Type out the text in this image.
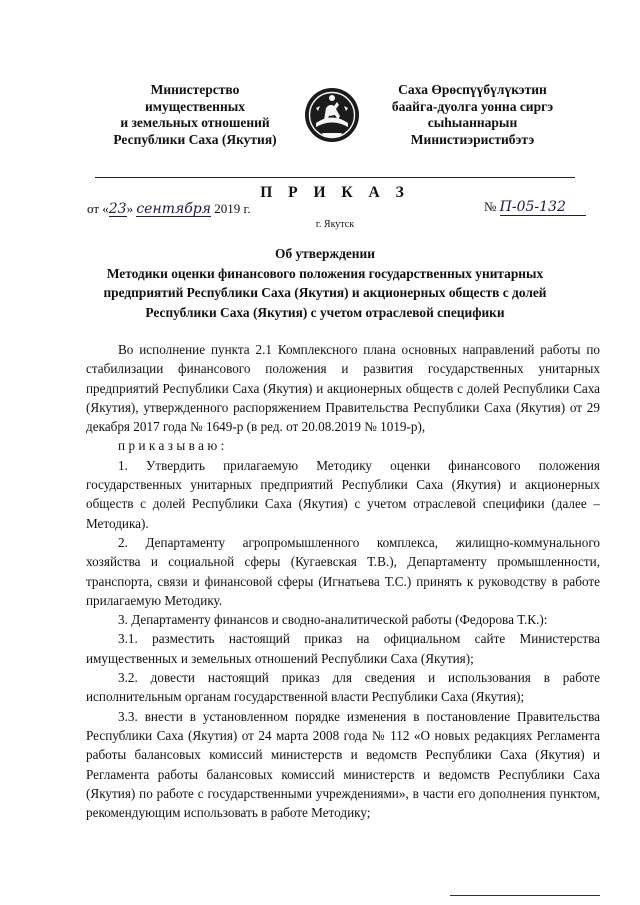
Министерство
имущественных
и земельных отношений
Республики Саха (Якутия)
Саха Өрөспүүбүлүкэтин
баайга-дуолга уонна сиргэ
сыһыаннарын
Министиэристибэтэ
П Р И К А З
от «23» сентября 2019 г.	№ П-05-132
г. Якутск
Об утверждении
Методики оценки финансового положения государственных унитарных предприятий Республики Саха (Якутия) и акционерных обществ с долей Республики Саха (Якутия) с учетом отраслевой специфики

Во исполнение пункта 2.1 Комплексного плана основных направлений работы по стабилизации финансового положения и развития государственных унитарных предприятий Республики Саха (Якутия) и акционерных обществ с долей Республики Саха (Якутия), утвержденного распоряжением Правительства Республики Саха (Якутия) от 29 декабря 2017 года № 1649-р (в ред. от 20.08.2019 № 1019-р),

приказываю:

1. Утвердить прилагаемую Методику оценки финансового положения государственных унитарных предприятий Республики Саха (Якутия) и акционерных обществ с долей Республики Саха (Якутия) с учетом отраслевой специфики (далее – Методика).

2. Департаменту агропромышленного комплекса, жилищно-коммунального хозяйства и социальной сферы (Кугаевская Т.В.), Департаменту промышленности, транспорта, связи и финансовой сферы (Игнатьева Т.С.) принять к руководству в работе прилагаемую Методику.

3. Департаменту финансов и сводно-аналитической работы (Федорова Т.К.):

3.1. разместить настоящий приказ на официальном сайте Министерства имущественных и земельных отношений Республики Саха (Якутия);

3.2. довести настоящий приказ для сведения и использования в работе исполнительным органам государственной власти Республики Саха (Якутия);

3.3. внести в установленном порядке изменения в постановление Правительства Республики Саха (Якутия) от 24 марта 2008 года № 112 «О новых редакциях Регламента работы балансовых комиссий министерств и ведомств Республики Саха (Якутия) и Регламента работы балансовых комиссий министерств и ведомств Республики Саха (Якутия) по работе с государственными учреждениями», в части его дополнения пунктом, рекомендующим использовать в работе Методику;
